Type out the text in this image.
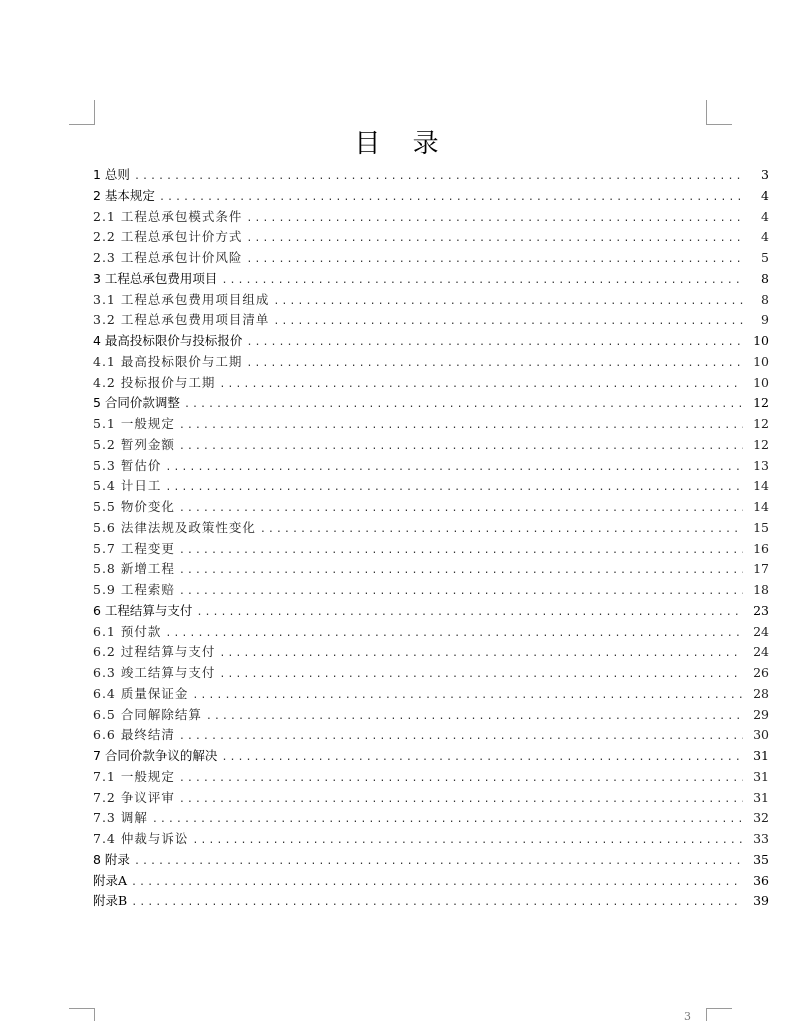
目 录
1 总则 .....	3
2 基本规定 .....	4
2.1 工程总承包模式条件 .....	4
2.2 工程总承包计价方式 .....	4
2.3 工程总承包计价风险 .....	5
3 工程总承包费用项目 .....	8
3.1 工程总承包费用项目组成 .....	8
3.2 工程总承包费用项目清单 .....	9
4 最高投标限价与投标报价 .....	10
4.1 最高投标限价与工期 .....	10
4.2 投标报价与工期 .....	10
5 合同价款调整 .....	12
5.1 一般规定 .....	12
5.2 暂列金额 .....	12
5.3 暂估价 .....	13
5.4 计日工 .....	14
5.5 物价变化 .....	14
5.6 法律法规及政策性变化 .....	15
5.7 工程变更 .....	16
5.8 新增工程 .....	17
5.9 工程索赔 .....	18
6 工程结算与支付 .....	23
6.1 预付款 .....	24
6.2 过程结算与支付 .....	24
6.3 竣工结算与支付 .....	26
6.4 质量保证金 .....	28
6.5 合同解除结算 .....	29
6.6 最终结清 .....	30
7 合同价款争议的解决 .....	31
7.1 一般规定 .....	31
7.2 争议评审 .....	31
7.3 调解 .....	32
7.4 仲裁与诉讼 .....	33
8 附录 .....	35
附录A .....	36
附录B .....	39
3
